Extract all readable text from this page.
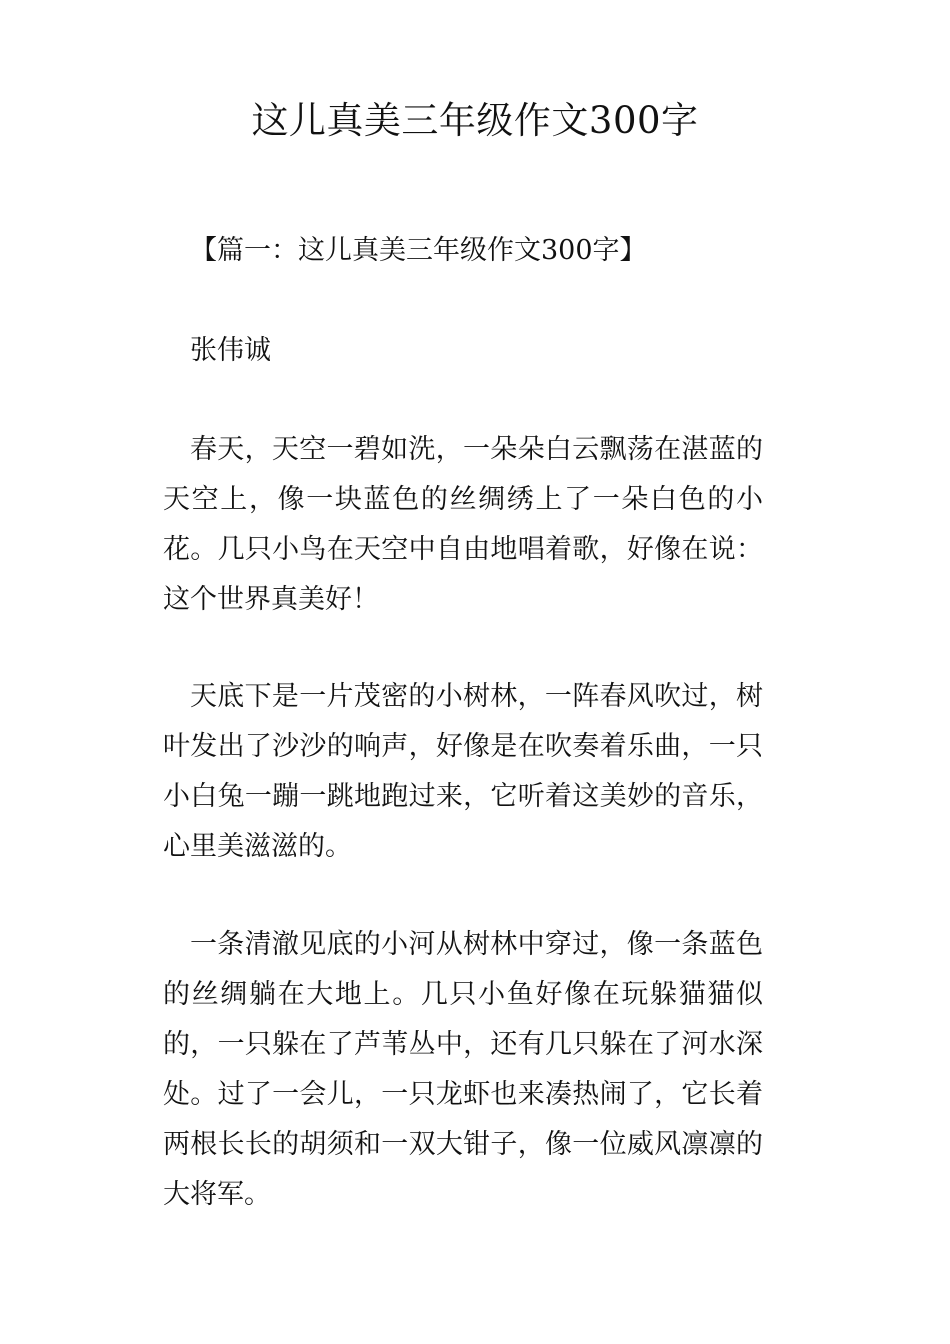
这儿真美三年级作文300字

【篇一：这儿真美三年级作文300字】

张伟诚

春天，天空一碧如洗，一朵朵白云飘荡在湛蓝的天空上，像一块蓝色的丝绸绣上了一朵白色的小花。几只小鸟在天空中自由地唱着歌，好像在说：这个世界真美好！

天底下是一片茂密的小树林，一阵春风吹过，树叶发出了沙沙的响声，好像是在吹奏着乐曲，一只小白兔一蹦一跳地跑过来，它听着这美妙的音乐，心里美滋滋的。

一条清澈见底的小河从树林中穿过，像一条蓝色的丝绸躺在大地上。几只小鱼好像在玩躲猫猫似的，一只躲在了芦苇丛中，还有几只躲在了河水深处。过了一会儿，一只龙虾也来凑热闹了，它长着两根长长的胡须和一双大钳子，像一位威风凛凛的大将军。
